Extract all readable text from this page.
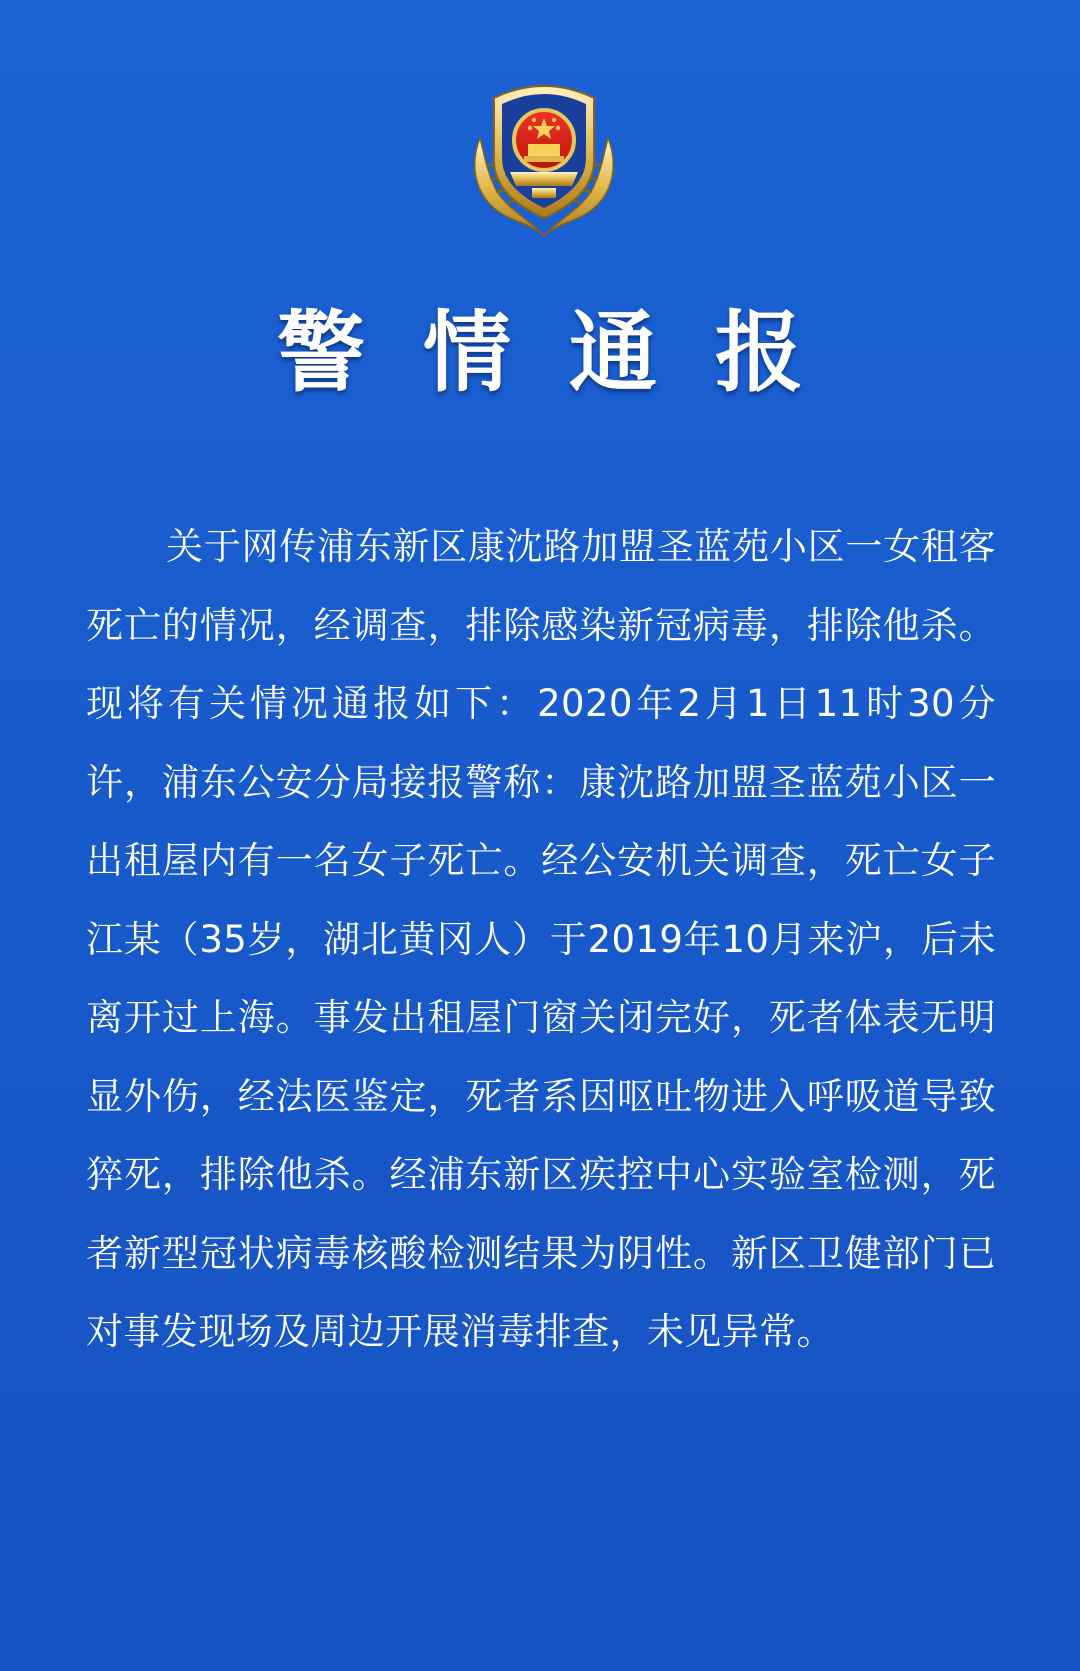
警情通报

关于网传浦东新区康沈路加盟圣蓝苑小区一女租客死亡的情况，经调查，排除感染新冠病毒，排除他杀。现将有关情况通报如下：2020年2月1日11时30分许，浦东公安分局接报警称：康沈路加盟圣蓝苑小区一出租屋内有一名女子死亡。经公安机关调查，死亡女子江某（35岁，湖北黄冈人）于2019年10月来沪，后未离开过上海。事发出租屋门窗关闭完好，死者体表无明显外伤，经法医鉴定，死者系因呕吐物进入呼吸道导致猝死，排除他杀。经浦东新区疾控中心实验室检测，死者新型冠状病毒核酸检测结果为阴性。新区卫健部门已对事发现场及周边开展消毒排查，未见异常。
